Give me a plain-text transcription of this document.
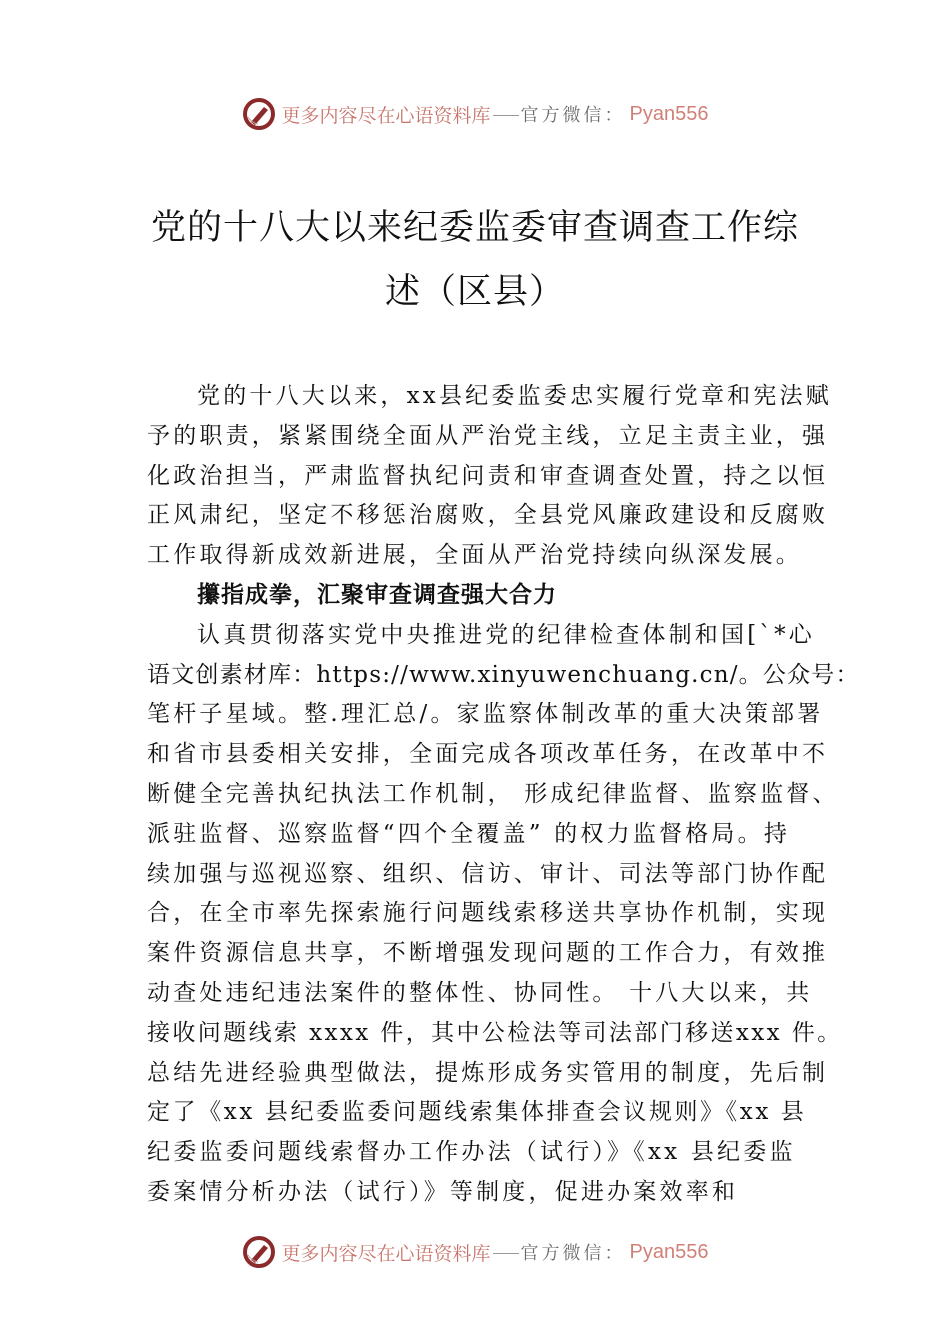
更多内容尽在心语资料库 官方微信： Pyan556
党的十八大以来纪委监委审查调查工作综
述（区县）
党的十八大以来，xx县纪委监委忠实履行党章和宪法赋
予的职责，紧紧围绕全面从严治党主线，立足主责主业，强
化政治担当，严肃监督执纪问责和审查调查处置，持之以恒
正风肃纪，坚定不移惩治腐败，全县党风廉政建设和反腐败
工作取得新成效新进展，全面从严治党持续向纵深发展。
攥指成拳，汇聚审查调查强大合力
认真贯彻落实党中央推进党的纪律检查体制和国[`*心
语文创素材库：https://www.xinyuwenchuang.cn/。公众号：
笔杆子星域。整.理汇总/。家监察体制改革的重大决策部署
和省市县委相关安排，全面完成各项改革任务，在改革中不
断健全完善执纪执法工作机制， 形成纪律监督、监察监督、
派驻监督、巡察监督“四个全覆盖” 的权力监督格局。持
续加强与巡视巡察、组织、信访、审计、司法等部门协作配
合，在全市率先探索施行问题线索移送共享协作机制，实现
案件资源信息共享，不断增强发现问题的工作合力，有效推
动查处违纪违法案件的整体性、协同性。 十八大以来，共
接收问题线索 xxxx 件，其中公检法等司法部门移送xxx 件。
总结先进经验典型做法，提炼形成务实管用的制度，先后制
定了《xx 县纪委监委问题线索集体排查会议规则》《xx 县
纪委监委问题线索督办工作办法（试行）》《xx 县纪委监
委案情分析办法（试行）》等制度，促进办案效率和
更多内容尽在心语资料库 官方微信： Pyan556
